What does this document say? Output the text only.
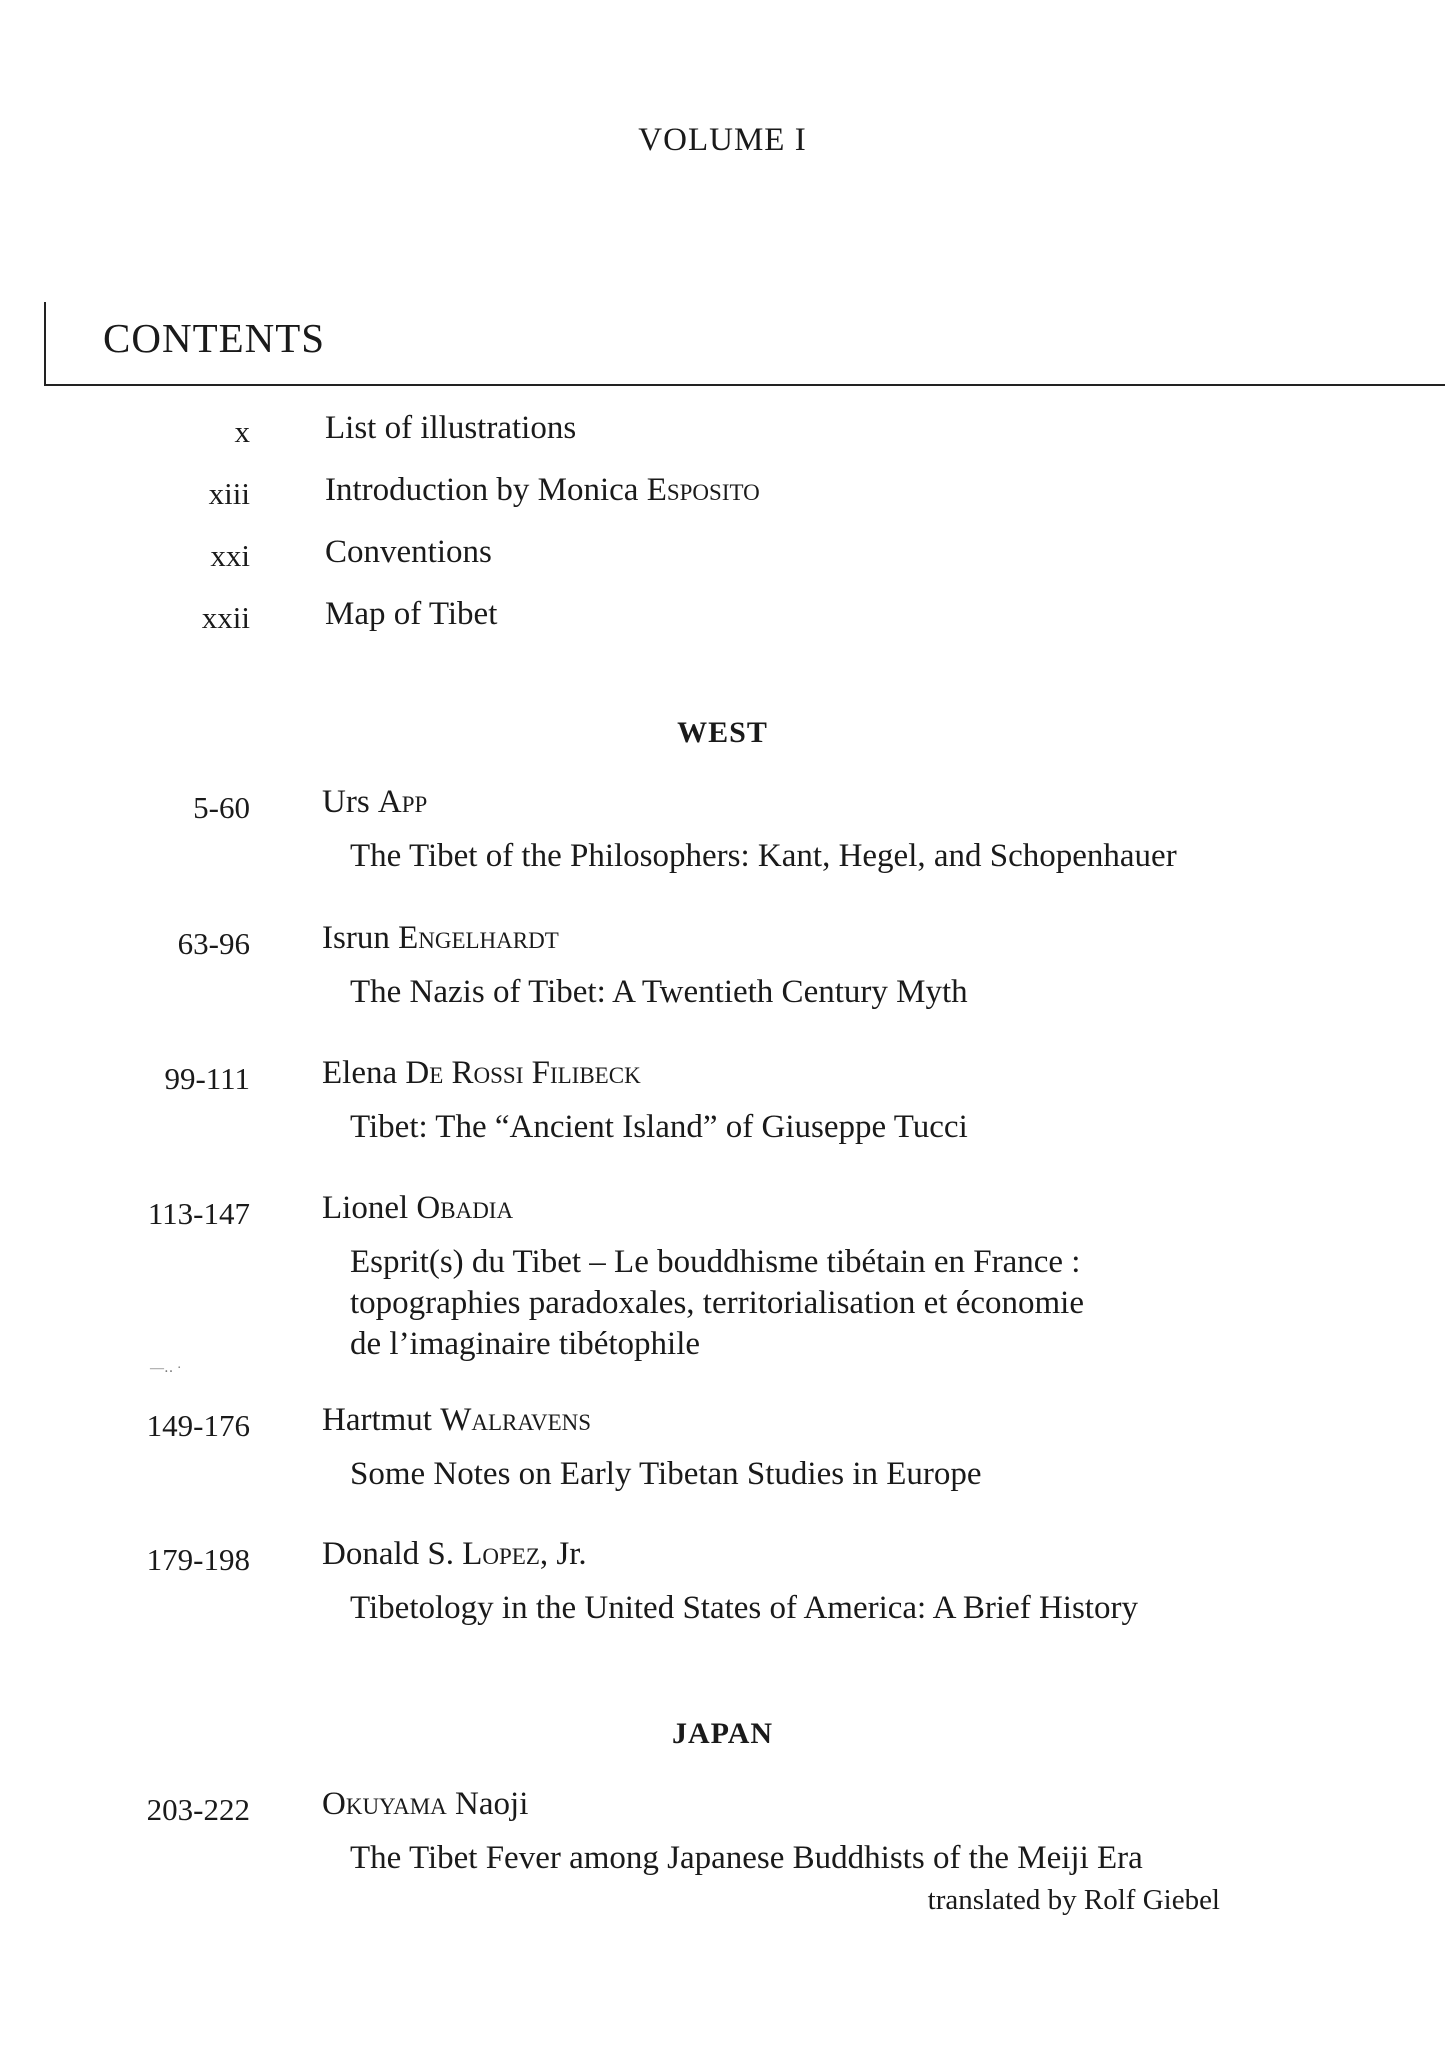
VOLUME I
CONTENTS
x List of illustrations
xiii Introduction by Monica Esposito
xxi Conventions
xxii Map of Tibet
WEST
5-60 Urs App
The Tibet of the Philosophers: Kant, Hegel, and Schopenhauer
63-96 Isrun Engelhardt
The Nazis of Tibet: A Twentieth Century Myth
99-111 Elena De Rossi Filibeck
Tibet: The “Ancient Island” of Giuseppe Tucci
113-147 Lionel Obadia
Esprit(s) du Tibet – Le bouddhisme tibétain en France :
topographies paradoxales, territorialisation et économie
de l’imaginaire tibétophile
149-176 Hartmut Walravens
Some Notes on Early Tibetan Studies in Europe
179-198 Donald S. Lopez, Jr.
Tibetology in the United States of America: A Brief History
JAPAN
203-222 Okuyama Naoji
The Tibet Fever among Japanese Buddhists of the Meiji Era
translated by Rolf Giebel
—‥ ·
